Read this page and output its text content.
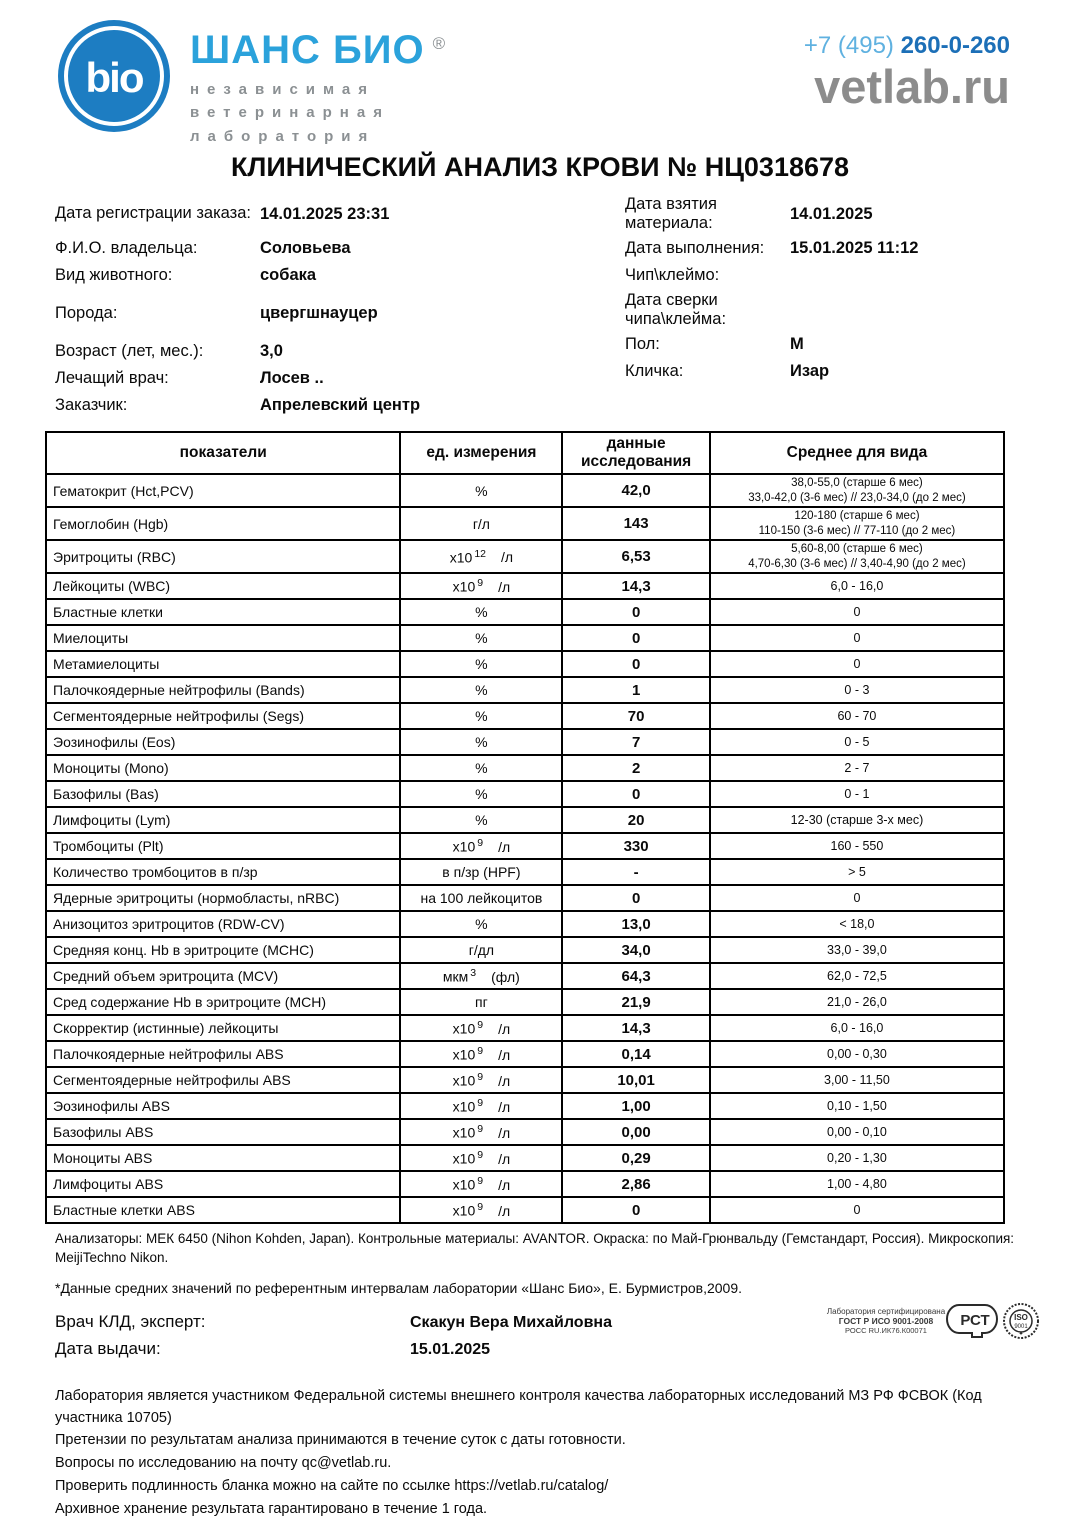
bio
ШАНС БИО ®
независимая
ветеринарная
лаборатория
+7 (495) 260-0-260
vetlab.ru
КЛИНИЧЕСКИЙ АНАЛИЗ КРОВИ № НЦ0318678
Дата регистрации заказа: 14.01.2025 23:31
Ф.И.О. владельца:	Соловьева
Вид животного:	собака
Порода:	цвергшнауцер
Возраст (лет, мес.):	3,0
Лечащий врач:	Лосев ..
Заказчик:	Апрелевский центр
Дата взятия материала:
14.01.2025
Дата выполнения:	15.01.2025 11:12
Чип\клеймо:
Дата сверки чипа\клейма:
Пол:	М
Кличка:	Изар
показатели	ед. измерения	данные исследования	Среднее для вида
Гематокрит (Hct,PCV)	%	42,0	38,0-55,0 (старше 6 мес)
33,0-42,0 (3-6 мес) // 23,0-34,0 (до 2 мес)

Гемоглобин (Hgb)	г/л	143	120-180 (старше 6 мес)
110-150 (3-6 мес) // 77-110 (до 2 мес)

Эритроциты (RBC)	х10 $^{12}$ /л	6,53	5,60-8,00 (старше 6 мес)
4,70-6,30 (3-6 мес) // 3,40-4,90 (до 2 мес)

Лейкоциты (WBC)	х10 $^9$ /л	14,3	6,0 - 16,0

Бластные клетки	%	0	0

Миелоциты	%	0	0

Метамиелоциты	%	0	0

Палочкоядерные нейтрофилы (Bands)	%	1	0 - 3

Сегментоядерные нейтрофилы (Segs)	%	70	60 - 70

Эозинофилы (Eos)	%	7	0 - 5

Моноциты (Mono)	%	2	2 - 7

Базофилы (Bas)	%	0	0 - 1

Лимфоциты (Lym)	%	20	12-30 (старше 3-х мес)

Тромбоциты (Plt)	х10 $^9$ /л	330	160 - 550

Количество тромбоцитов в п/зр	в п/зр (HPF)	-	> 5

Ядерные эритроциты (нормобласты, nRBC)	на 100 лейкоцитов	0	0

Анизоцитоз эритроцитов (RDW-CV)	%	13,0	< 18,0

Средняя конц. Hb в эритроците (MCHC)	г/дл	34,0	33,0 - 39,0

Средний объем эритроцита (MCV)	мкм $^3$ (фл)	64,3	62,0 - 72,5

Сред содержание Hb в эритроците (MCH)	пг	21,9	21,0 - 26,0

Скорректир (истинные) лейкоциты	х10 $^9$ /л	14,3	6,0 - 16,0

Палочкоядерные нейтрофилы ABS	х10 $^9$ /л	0,14	0,00 - 0,30

Сегментоядерные нейтрофилы ABS	х10 $^9$ /л	10,01	3,00 - 11,50

Эозинофилы ABS	х10 $^9$ /л	1,00	0,10 - 1,50

Базофилы ABS	х10 $^9$ /л	0,00	0,00 - 0,10

Моноциты ABS	х10 $^9$ /л	0,29	0,20 - 1,30

Лимфоциты ABS	х10 $^9$ /л	2,86	1,00 - 4,80

Бластные клетки ABS	х10 $^9$ /л	0	0
Анализаторы: МЕК 6450 (Nihon Kohden, Japan). Контрольные материалы: AVANTOR. Окраска: по Май-Грюнвальду (Гемстандарт, Россия). Микроскопия: MeijiTechno Nikon.
*Данные средних значений по референтным интервалам лаборатории «Шанс Био», Е. Бурмистров,2009.
Врач КЛД, эксперт:	Скакун Вера Михайловна
Дата выдачи:	15.01.2025
Лаборатория сертифицирована
ГОСТ Р ИСО 9001-2008
РОСС RU.ИК76.К00071
РСТ	ISO
9001
✦
Лаборатория является участником Федеральной системы внешнего контроля качества лабораторных исследований МЗ РФ ФСВОК (Код участника 10705)
Претензии по результатам анализа принимаются в течение суток с даты готовности.
Вопросы по исследованию на почту qc@vetlab.ru.
Проверить подлинность бланка можно на сайте по ссылке https://vetlab.ru/catalog/
Архивное хранение результата гарантировано в течение 1 года.
